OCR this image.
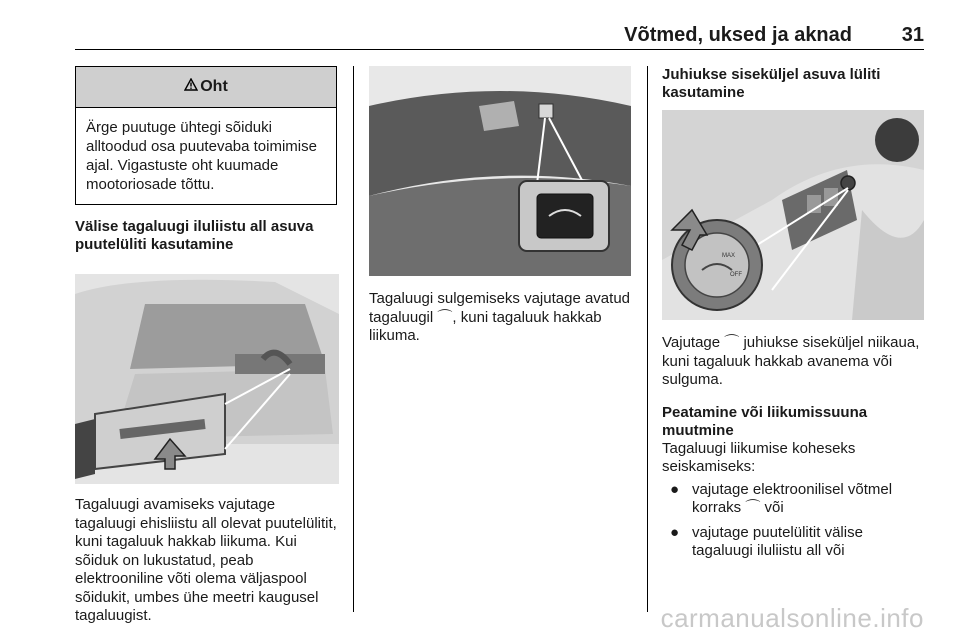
Võtmed, uksed ja aknad 31
Oht
Ärge puutuge ühtegi sõiduki alltoodud osa puutevaba toimimise ajal. Vigastuste oht kuumade mootoriosade tõttu.
Välise tagaluugi iluliistu all asuva puutelüliti kasutamine
Tagaluugi avamiseks vajutage tagaluugi ehisliistu all olevat puutelülitit, kuni tagaluuk hakkab liikuma. Kui sõiduk on lukustatud, peab elektrooniline võti olema väljaspool sõidukit, umbes ühe meetri kaugusel tagaluugist.
Tagaluugi sulgemiseks vajutage avatud tagaluugil ⌒, kuni tagaluuk hakkab liikuma.
Juhiukse siseküljel asuva lüliti kasutamine
MAX
OFF
Vajutage ⌒ juhiukse siseküljel niikaua, kuni tagaluuk hakkab avanema või sulguma.
Peatamine või liikumissuuna muutmine
Tagaluugi liikumise koheseks seiskamiseks:
● vajutage elektroonilisel võtmel korraks ⌒ või
● vajutage puutelülitit välise tagaluugi iluliistu all või
carmanualsonline.info
